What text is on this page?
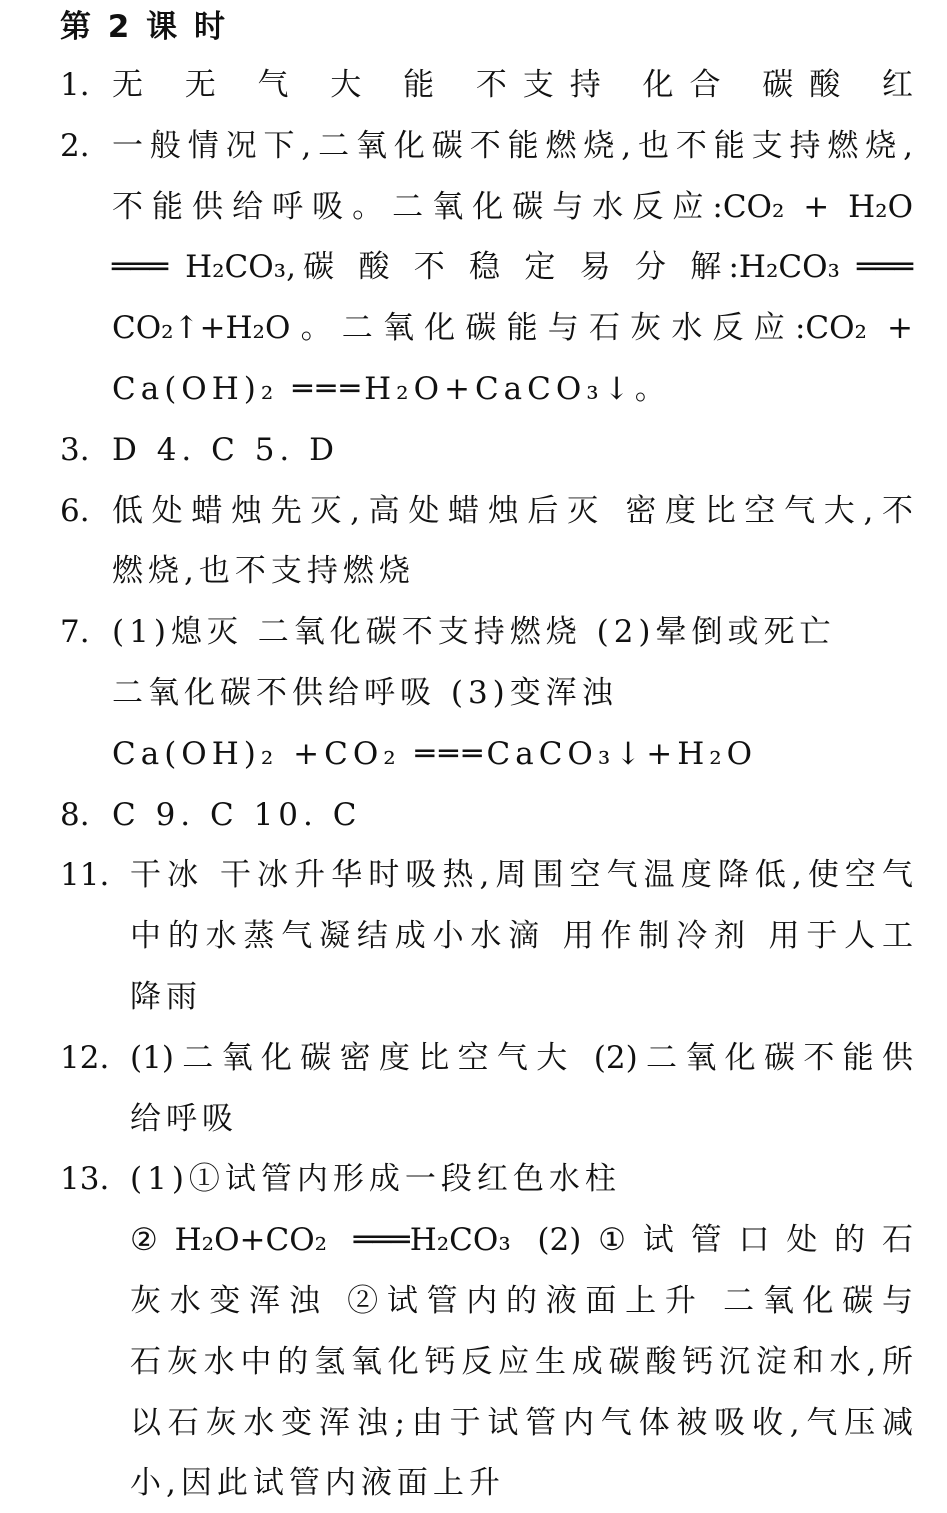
第 2 课 时
1. 无 无 气 大 能 不支持 化合 碳酸 红
2. 一般情况下,二氧化碳不能燃烧,也不能支持燃烧,
不能供给呼吸。二氧化碳与水反应:CO₂ + H₂O
═══ H₂CO₃,碳 酸 不 稳 定 易 分 解:H₂CO₃ ═══
CO₂↑+H₂O。二氧化碳能与石灰水反应:CO₂ +
Ca(OH)₂ ═══H₂O+CaCO₃↓。
3. D 4. C 5. D
6. 低处蜡烛先灭,高处蜡烛后灭 密度比空气大,不
燃烧,也不支持燃烧
7. (1)熄灭 二氧化碳不支持燃烧 (2)晕倒或死亡
二氧化碳不供给呼吸 (3)变浑浊
Ca(OH)₂ +CO₂ ═══CaCO₃↓+H₂O
8. C 9. C 10. C
11. 干冰 干冰升华时吸热,周围空气温度降低,使空气
中的水蒸气凝结成小水滴 用作制冷剂 用于人工
降雨
12. (1)二氧化碳密度比空气大 (2)二氧化碳不能供
给呼吸
13. (1)①试管内形成一段红色水柱
②H₂O+CO₂ ═══H₂CO₃ (2)①试管口处的石
灰水变浑浊 ②试管内的液面上升 二氧化碳与
石灰水中的氢氧化钙反应生成碳酸钙沉淀和水,所
以石灰水变浑浊;由于试管内气体被吸收,气压减
小,因此试管内液面上升
